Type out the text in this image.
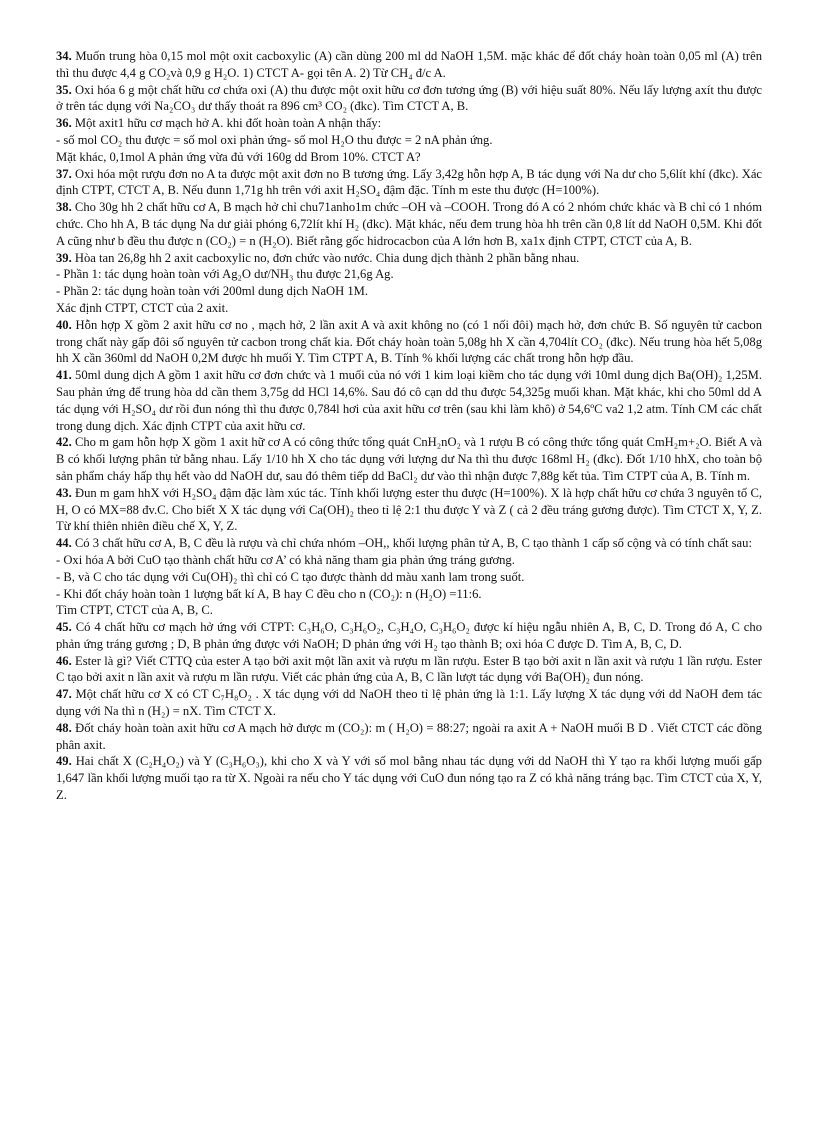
34. Muốn trung hòa 0,15 mol một oxit cacboxylic (A) cần dùng 200 ml dd NaOH 1,5M. mặc khác để đốt cháy hoàn toàn 0,05 ml (A) trên thì thu được 4,4 g CO₂và 0,9 g H₂O. 1) CTCT A- gọi tên A. 2) Từ CH₄ đ/c A.
35. Oxi hóa 6 g một chất hữu cơ chứa oxi (A) thu được một oxit hữu cơ đơn tương ứng (B) với hiệu suất 80%. Nếu lấy lượng axít thu được ở trên tác dụng với Na₂CO₃ dư thấy thoát ra 896 cm³ CO₂ (đkc). Tìm CTCT A, B.
36. Một axit1 hữu cơ mạch hở A. khi đốt hoàn toàn A nhận thấy:
- số mol CO₂ thu được = số mol oxi phản ứng- số mol H₂O thu được = 2 nA phản ứng.
Mặt khác, 0,1mol A phản ứng vừa đủ với 160g dd Brom 10%. CTCT A?
37. Oxi hóa một rượu đơn no A ta được một axit đơn no B tương ứng. Lấy 3,42g hỗn hợp A, B tác dụng với Na dư cho 5,6lít khí (đkc). Xác định CTPT, CTCT A, B. Nếu đunn 1,71g hh trên với axit H₂SO₄ đậm đặc. Tính m este thu được (H=100%).
38. Cho 30g hh 2 chất hữu cơ A, B mạch hở chỉ chu71anho1m chức –OH và –COOH. Trong đó A có 2 nhóm chức khác và B chỉ có 1 nhóm chức. Cho hh A, B tác dụng Na dư giải phóng 6,72lít khí H₂ (đkc). Mặt khác, nếu đem trung hòa hh trên cần 0,8 lít dd NaOH 0,5M. Khi đốt A cũng như b đều thu được n (CO₂) = n (H₂O). Biết rằng gốc hidrocacbon của A lớn hơn B, xa1x định CTPT, CTCT của A, B.
39. Hòa tan 26,8g hh 2 axit cacboxylic no, đơn chức vào nước. Chia dung dịch thành 2 phần bằng nhau.
- Phần 1: tác dụng hoàn toàn với Ag₂O dư/NH₃ thu được 21,6g Ag.
- Phần 2: tác dụng hoàn toàn với 200ml dung dịch NaOH 1M.
Xác định CTPT, CTCT của 2 axit.
40. Hỗn hợp X gồm 2 axit hữu cơ no , mạch hở, 2 lần axit A và axit không no (có 1 nối đôi) mạch hở, đơn chức B. Số nguyên tử cacbon trong chất này gấp đôi số nguyên tử cacbon trong chất kia. Đốt cháy hoàn toàn 5,08g hh X cần 4,704lít CO₂ (đkc). Nếu trung hòa hết 5,08g hh X cần 360ml dd NaOH 0,2M được hh muối Y. Tìm CTPT A, B. Tính % khối lượng các chất trong hỗn hợp đầu.
41. 50ml dung dịch A gồm 1 axit hữu cơ đơn chức và 1 muối của nó với 1 kim loại kiềm cho tác dụng với 10ml dung dịch Ba(OH)₂ 1,25M. Sau phản ứng để trung hòa dd cần them 3,75g dd HCl 14,6%. Sau đó cô cạn dd thu được 54,325g muối khan. Mặt khác, khi cho 50ml dd A tác dụng với H₂SO₄ dư rồi đun nóng thì thu được 0,784l hơi của axit hữu cơ trên (sau khi làm khô) ở 54,6ºC va2 1,2 atm. Tính CM các chất trong dung dịch. Xác định CTPT của axit hữu cơ.
42. Cho m gam hỗn hợp X gồm 1 axit hữ cơ A có công thức tổng quát CnH₂nO₂ và 1 rượu B có công thức tổng quát CmH₂m+₂O. Biết A và B có khối lượng phân tử bằng nhau. Lấy 1/10 hh X cho tác dụng với lượng dư Na thì thu được 168ml H₂ (đkc). Đốt 1/10 hhX, cho toàn bộ sản phẩm cháy hấp thụ hết vào dd NaOH dư, sau đó thêm tiếp dd BaCl₂ dư vào thì nhận được 7,88g kết tủa. Tìm CTPT của A, B. Tính m.
43. Đun m gam hhX với H₂SO₄ đậm đặc làm xúc tác. Tính khối lượng ester thu được (H=100%). X là hợp chất hữu cơ chứa 3 nguyên tố C, H, O có MX=88 đv.C. Cho biết X X tác dụng với Ca(OH)₂ theo tỉ lệ 2:1 thu được Y và Z ( cả 2 đều tráng gương được). Tìm CTCT X, Y, Z. Từ khí thiên nhiên điều chế X, Y, Z.
44. Có 3 chất hữu cơ A, B, C đều là rượu và chỉ chứa nhóm –OH,, khối lượng phân tử A, B, C tạo thành 1 cấp số cộng và có tính chất sau:
- Oxi hóa A bởi CuO tạo thành chất hữu cơ A’ có khả năng tham gia phản ứng tráng gương.
- B, và C cho tác dụng với Cu(OH)₂ thì chỉ có C tạo được thành dd màu xanh lam trong suốt.
- Khi đốt cháy hoàn toàn 1 lượng bất kí A, B hay C đều cho n (CO₂): n (H₂O) =11:6.
Tìm CTPT, CTCT của A, B, C.
45. Có 4 chất hữu cơ mạch hở ứng với CTPT: C₃H₆O, C₃H₆O₂, C₃H₄O, C₃H₆O₂ được kí hiệu ngẫu nhiên A, B, C, D. Trong đó A, C cho phản ứng tráng gương ; D, B phản ứng được với NaOH; D phản ứng với H₂ tạo thành B; oxi hóa C được D. Tìm A, B, C, D.
46. Ester là gì? Viết CTTQ của ester A tạo bởi axit một lần axit và rượu m lần rượu. Ester B tạo bởi axit n lần axit và rượu 1 lần rượu. Ester C tạo bởi axit n lần axit và rượu m lần rượu. Viết các phản ứng của A, B, C lần lượt tác dụng với Ba(OH)₂ đun nóng.
47. Một chất hữu cơ X có CT C₇H₈O₂ . X tác dụng với dd NaOH theo tỉ lệ phản ứng là 1:1. Lấy lượng X tác dụng với dd NaOH đem tác dụng với Na thì n (H₂) = nX. Tìm CTCT X.
48. Đốt cháy hoàn toàn axit hữu cơ A mạch hở được m (CO₂): m ( H₂O) = 88:27; ngoài ra axit A + NaOH muối B D . Viết CTCT các đồng phân axit.
49. Hai chất X (C₂H₄O₂) và Y (C₃H₆O₃), khi cho X và Y với số mol bằng nhau tác dụng với dd NaOH thì Y tạo ra khối lượng muối gấp 1,647 lần khối lượng muối tạo ra từ X. Ngoài ra nếu cho Y tác dụng với CuO đun nóng tạo ra Z có khả năng tráng bạc. Tìm CTCT của X, Y, Z.
